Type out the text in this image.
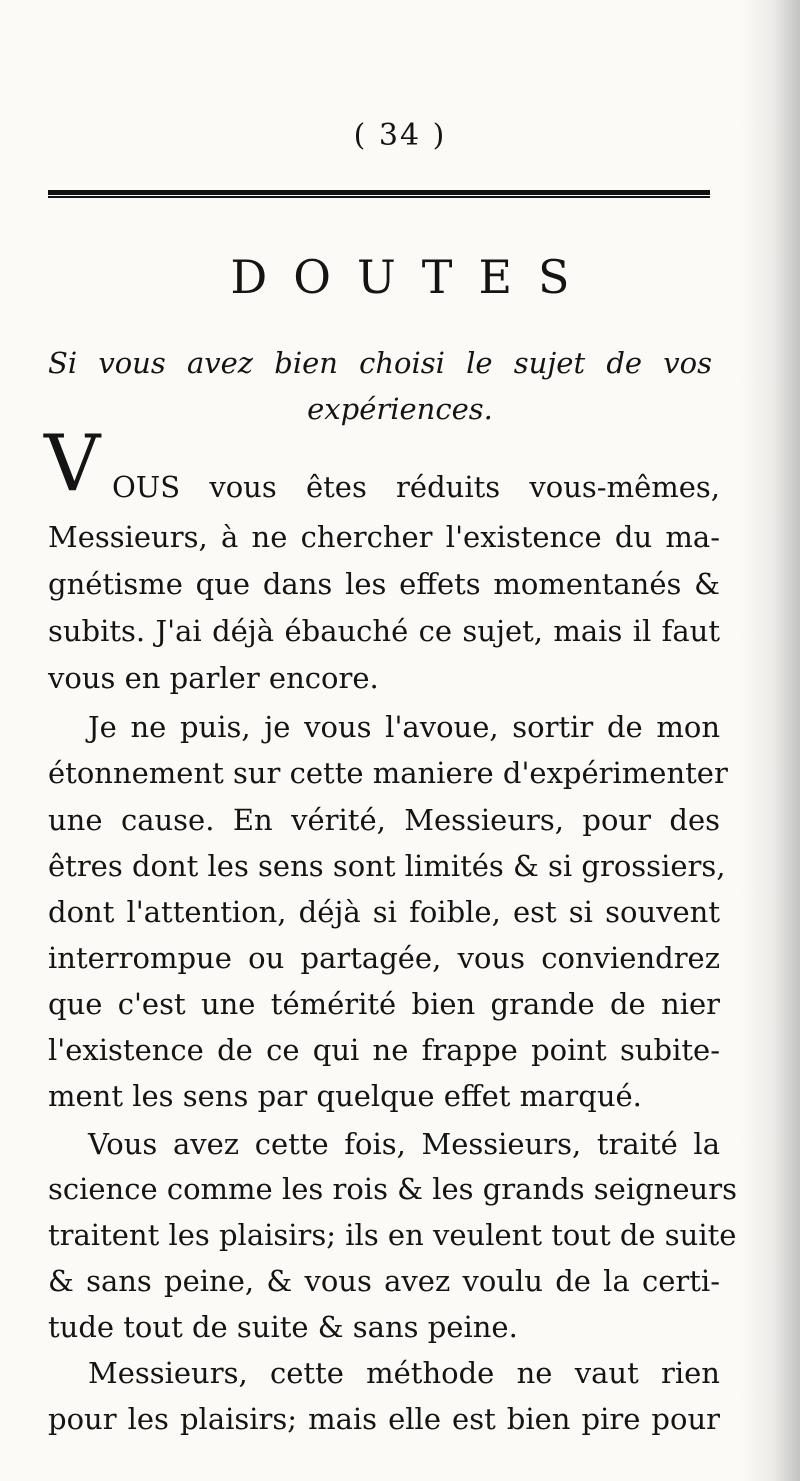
( 34 )
DOUTES
Si vous avez bien choisi le sujet de vos
expériences.
V OUS vous êtes réduits vous-mêmes,
Messieurs, à ne chercher l'existence du ma-
gnétisme que dans les effets momentanés &
subits. J'ai déjà ébauché ce sujet, mais il faut
vous en parler encore.
Je ne puis, je vous l'avoue, sortir de mon
étonnement sur cette maniere d'expérimenter
une cause. En vérité, Messieurs, pour des
êtres dont les sens sont limités & si grossiers,
dont l'attention, déjà si foible, est si souvent
interrompue ou partagée, vous conviendrez
que c'est une témérité bien grande de nier
l'existence de ce qui ne frappe point subite-
ment les sens par quelque effet marqué.
Vous avez cette fois, Messieurs, traité la
science comme les rois & les grands seigneurs
traitent les plaisirs; ils en veulent tout de suite
& sans peine, & vous avez voulu de la certi-
tude tout de suite & sans peine.
Messieurs, cette méthode ne vaut rien
pour les plaisirs; mais elle est bien pire pour
